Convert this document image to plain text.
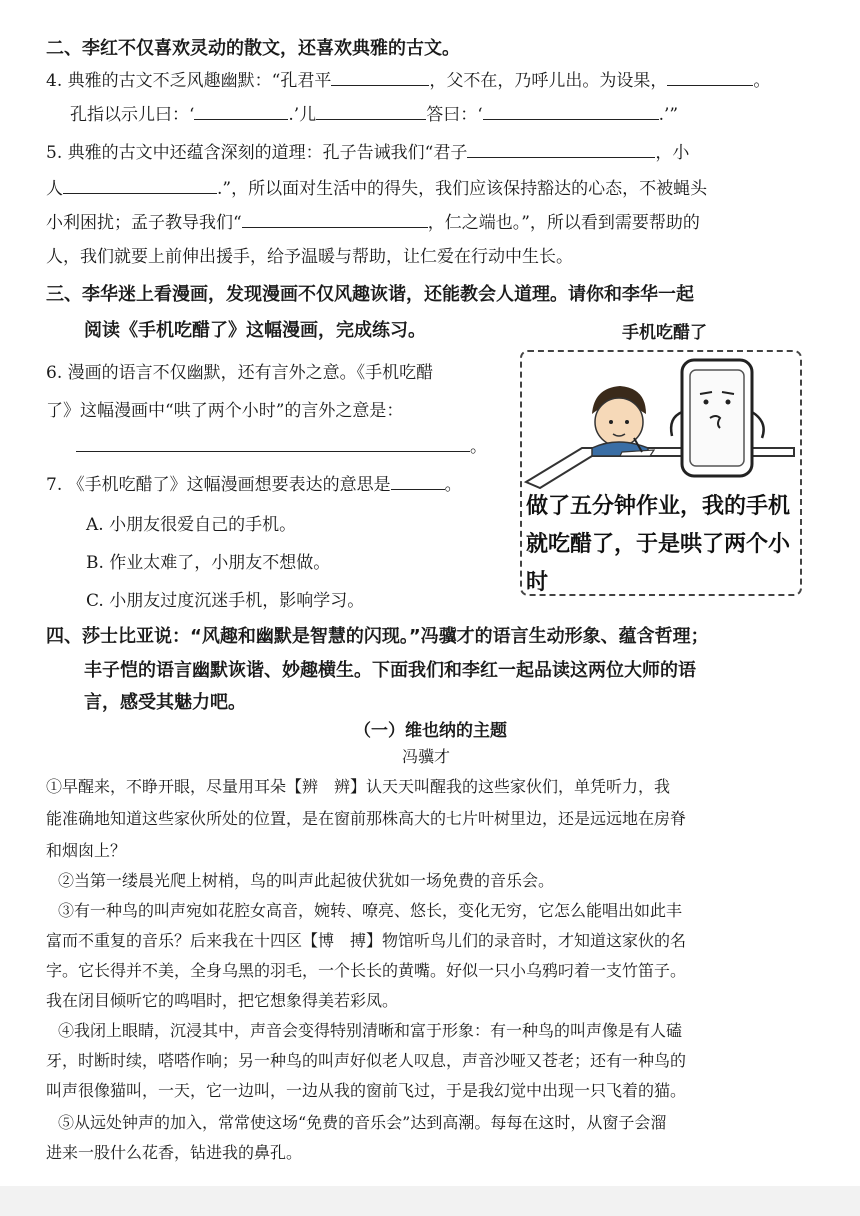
二、李红不仅喜欢灵动的散文，还喜欢典雅的古文。
4. 典雅的古文不乏风趣幽默：“孔君平	，父不在，乃呼儿出。为设果，	。
孔指以示儿曰：‘	.’儿	答曰：‘	.’”
5. 典雅的古文中还蕴含深刻的道理：孔子告诫我们“君子	，小
人	.”，所以面对生活中的得失，我们应该保持豁达的心态，不被蝇头
小利困扰；孟子教导我们“	，仁之端也。”，所以看到需要帮助的
人，我们就要上前伸出援手，给予温暖与帮助，让仁爱在行动中生长。
三、李华迷上看漫画，发现漫画不仅风趣诙谐，还能教会人道理。请你和李华一起
阅读《手机吃醋了》这幅漫画，完成练习。	手机吃醋了
6. 漫画的语言不仅幽默，还有言外之意。《手机吃醋
了》这幅漫画中“哄了两个小时”的言外之意是：
。
7. 《手机吃醋了》这幅漫画想要表达的意思是	。
A. 小朋友很爱自己的手机。
B. 作业太难了，小朋友不想做。
C. 小朋友过度沉迷手机，影响学习。
做了五分钟作业，我的手机就吃醋了，于是哄了两个小时
四、莎士比亚说：“风趣和幽默是智慧的闪现。”冯骥才的语言生动形象、蕴含哲理；
丰子恺的语言幽默诙谐、妙趣横生。下面我们和李红一起品读这两位大师的语
言，感受其魅力吧。
（一）维也纳的主题
冯骥才
①早醒来，不睁开眼，尽量用耳朵【辨　辨】认天天叫醒我的这些家伙们，单凭听力，我
能准确地知道这些家伙所处的位置，是在窗前那株高大的七片叶树里边，还是远远地在房脊
和烟囱上？
②当第一缕晨光爬上树梢，鸟的叫声此起彼伏犹如一场免费的音乐会。
③有一种鸟的叫声宛如花腔女高音，婉转、嘹亮、悠长，变化无穷，它怎么能唱出如此丰
富而不重复的音乐？后来我在十四区【博　搏】物馆听鸟儿们的录音时，才知道这家伙的名
字。它长得并不美，全身乌黑的羽毛，一个长长的黄嘴。好似一只小乌鸦叼着一支竹笛子。
我在闭目倾听它的鸣唱时，把它想象得美若彩凤。
④我闭上眼睛，沉浸其中，声音会变得特别清晰和富于形象：有一种鸟的叫声像是有人磕
牙，时断时续，嗒嗒作响；另一种鸟的叫声好似老人叹息，声音沙哑又苍老；还有一种鸟的
叫声很像猫叫，一天，它一边叫，一边从我的窗前飞过，于是我幻觉中出现一只飞着的猫。
⑤从远处钟声的加入，常常使这场“免费的音乐会”达到高潮。每每在这时，从窗子会溜
进来一股什么花香，钻进我的鼻孔。
